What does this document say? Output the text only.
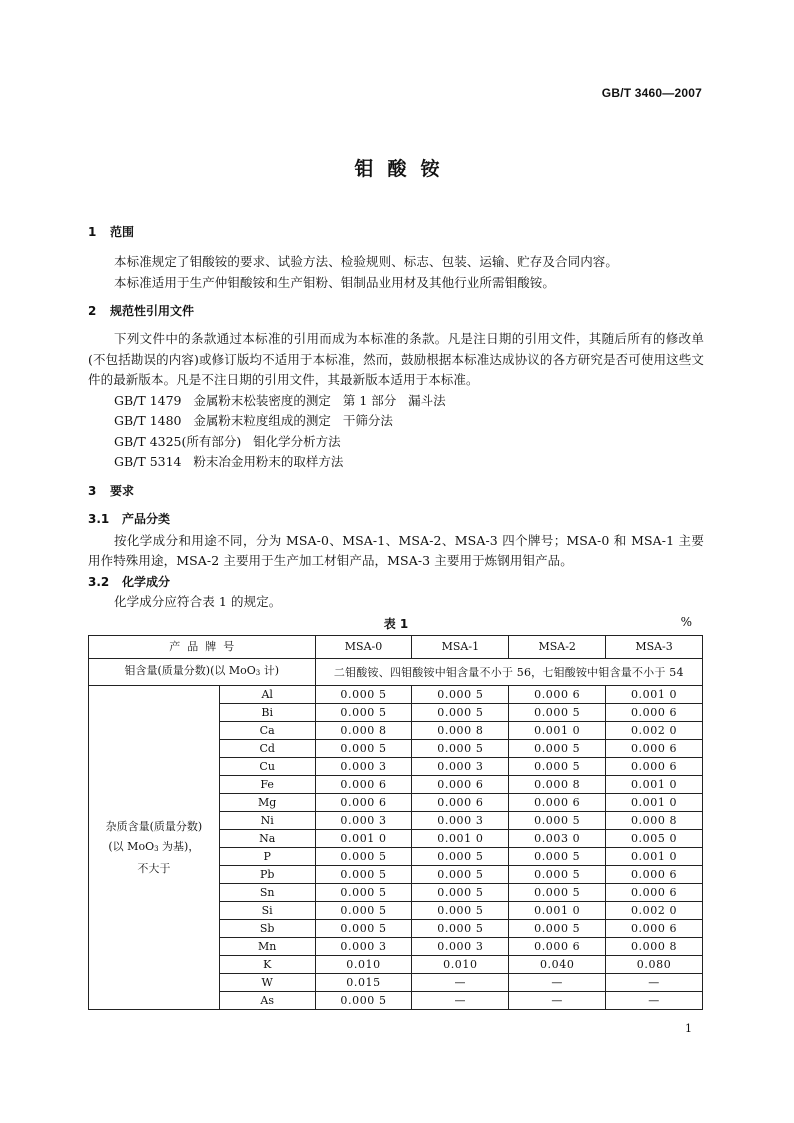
GB/T 3460—2007
钼酸铵
1 范围
本标准规定了钼酸铵的要求、试验方法、检验规则、标志、包装、运输、贮存及合同内容。
本标准适用于生产仲钼酸铵和生产钼粉、钼制品业用材及其他行业所需钼酸铵。
2 规范性引用文件
下列文件中的条款通过本标准的引用而成为本标准的条款。凡是注日期的引用文件，其随后所有的修改单(不包括勘误的内容)或修订版均不适用于本标准，然而，鼓励根据本标准达成协议的各方研究是否可使用这些文件的最新版本。凡是不注日期的引用文件，其最新版本适用于本标准。
GB/T 1479   金属粉末松装密度的测定   第 1 部分   漏斗法
GB/T 1480   金属粉末粒度组成的测定   干筛分法
GB/T 4325(所有部分)   钼化学分析方法
GB/T 5314   粉末冶金用粉末的取样方法
3 要求
3.1 产品分类
按化学成分和用途不同，分为 MSA-0、MSA-1、MSA-2、MSA-3 四个牌号；MSA-0 和 MSA-1 主要用作特殊用途，MSA-2 主要用于生产加工材钼产品，MSA-3 主要用于炼钢用钼产品。
3.2 化学成分
化学成分应符合表 1 的规定。
表 1	%
产  品  牌  号		MSA-0	MSA-1	MSA-2	MSA-3
钼含量(质量分数)(以 MoO$_3$ 计)		二钼酸铵、四钼酸铵中钼含量不小于 56，七钼酸铵中钼含量不小于 54			

杂质含量(质量分数)
(以 MoO$_3$ 为基)，
不大于	Al	0.000 5	0.000 5	0.000 6	0.001 0
	Bi	0.000 5	0.000 5	0.000 5	0.000 6
	Ca	0.000 8	0.000 8	0.001 0	0.002 0
	Cd	0.000 5	0.000 5	0.000 5	0.000 6
	Cu	0.000 3	0.000 3	0.000 5	0.000 6
	Fe	0.000 6	0.000 6	0.000 8	0.001 0
	Mg	0.000 6	0.000 6	0.000 6	0.001 0
	Ni	0.000 3	0.000 3	0.000 5	0.000 8
	Na	0.001 0	0.001 0	0.003 0	0.005 0
	P	0.000 5	0.000 5	0.000 5	0.001 0
	Pb	0.000 5	0.000 5	0.000 5	0.000 6
	Sn	0.000 5	0.000 5	0.000 5	0.000 6
	Si	0.000 5	0.000 5	0.001 0	0.002 0
	Sb	0.000 5	0.000 5	0.000 5	0.000 6
	Mn	0.000 3	0.000 3	0.000 6	0.000 8
	K	0.010	0.010	0.040	0.080
	W	0.015	—	—	—
	As	0.000 5	—	—	—
1
